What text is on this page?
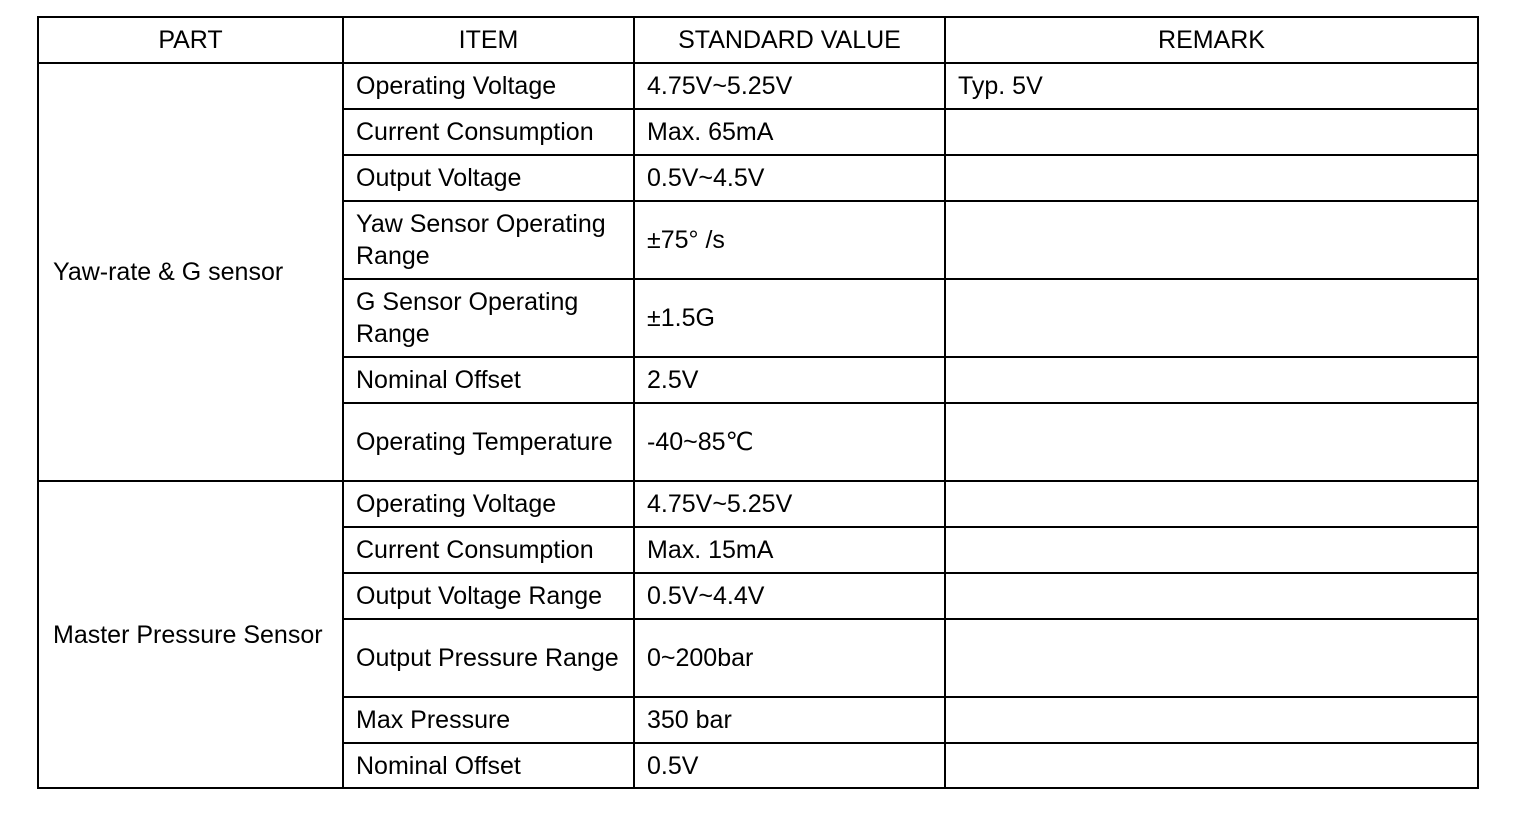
PART	ITEM	STANDARD VALUE	REMARK
Yaw-rate & G sensor	Operating Voltage	4.75V~5.25V	Typ. 5V
	Current Consumption	Max. 65mA	
	Output Voltage	0.5V~4.5V	
	Yaw Sensor Operating Range	±75° /s	
	G Sensor Operating Range	±1.5G	
	Nominal Offset	2.5V	
	Operating Temperature	-40~85℃	
Master Pressure Sensor	Operating Voltage	4.75V~5.25V	
	Current Consumption	Max. 15mA	
	Output Voltage Range	0.5V~4.4V	
	Output Pressure Range	0~200bar	
	Max Pressure	350 bar	
	Nominal Offset	0.5V	
